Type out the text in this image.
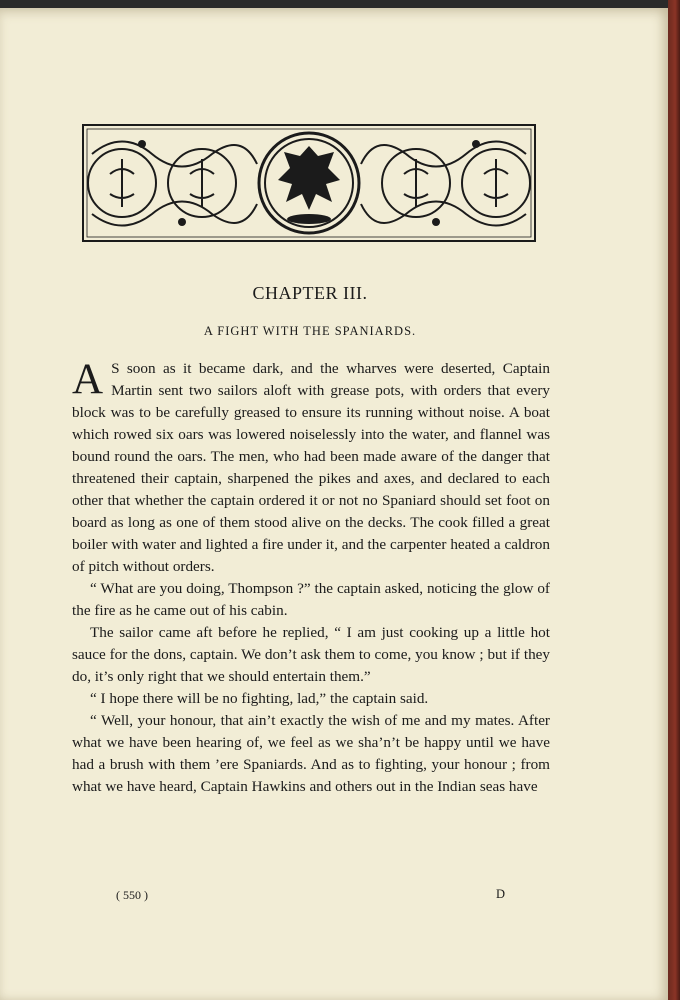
CHAPTER III.
A FIGHT WITH THE SPANIARDS.

A S soon as it became dark, and the wharves were deserted, Captain Martin sent two sailors aloft with grease pots, with orders that every block was to be carefully greased to ensure its running without noise. A boat which rowed six oars was lowered noiselessly into the water, and flannel was bound round the oars. The men, who had been made aware of the danger that threatened their captain, sharpened the pikes and axes, and declared to each other that whether the captain ordered it or not no Spaniard should set foot on board as long as one of them stood alive on the decks. The cook filled a great boiler with water and lighted a fire under it, and the carpenter heated a caldron of pitch without orders.

“ What are you doing, Thompson ?” the captain asked, noticing the glow of the fire as he came out of his cabin.

The sailor came aft before he replied, “ I am just cooking up a little hot sauce for the dons, captain. We don’t ask them to come, you know ; but if they do, it’s only right that we should entertain them.”

“ I hope there will be no fighting, lad,” the captain said.

“ Well, your honour, that ain’t exactly the wish of me and my mates. After what we have been hearing of, we feel as we sha’n’t be happy until we have had a brush with them ’ere Spaniards. And as to fighting, your honour ; from what we have heard, Captain Hawkins and others out in the Indian seas have

( 550 )	D
